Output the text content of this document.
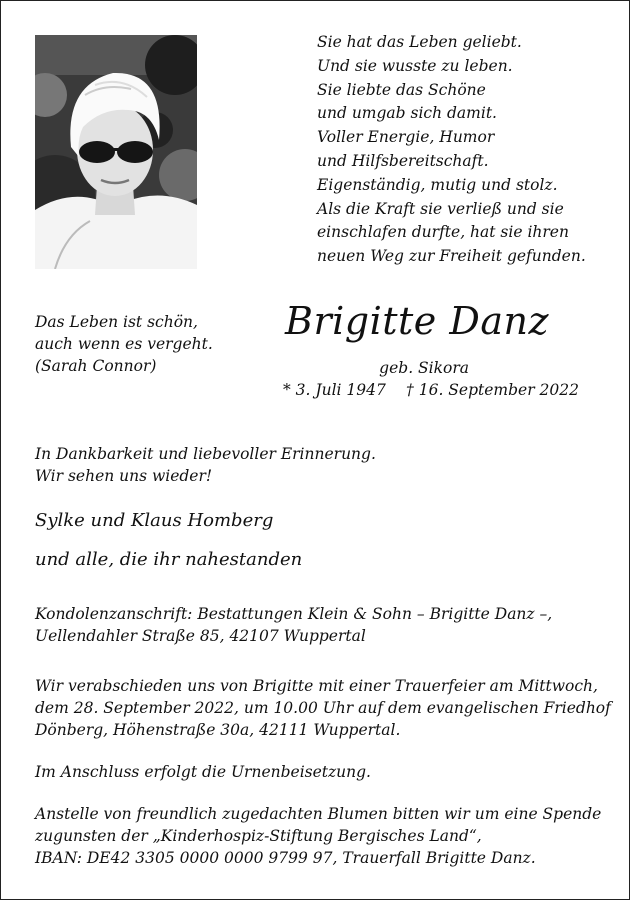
Sie hat das Leben geliebt.
Und sie wusste zu leben.
Sie liebte das Schöne
und umgab sich damit.
Voller Energie, Humor
und Hilfsbereitschaft.
Eigenständig, mutig und stolz.
Als die Kraft sie verließ und sie
einschlafen durfte, hat sie ihren
neuen Weg zur Freiheit gefunden.
Das Leben ist schön,
auch wenn es vergeht.
(Sarah Connor)
Brigitte Danz
geb. Sikora
* 3. Juli 1947 † 16. September 2022
In Dankbarkeit und liebevoller Erinnerung.
Wir sehen uns wieder!
Sylke und Klaus Homberg
und alle, die ihr nahestanden
Kondolenzanschrift: Bestattungen Klein & Sohn – Brigitte Danz –,
Uellendahler Straße 85, 42107 Wuppertal
Wir verabschieden uns von Brigitte mit einer Trauerfeier am Mittwoch,
dem 28. September 2022, um 10.00 Uhr auf dem evangelischen Friedhof
Dönberg, Höhenstraße 30a, 42111 Wuppertal.
Im Anschluss erfolgt die Urnenbeisetzung.
Anstelle von freundlich zugedachten Blumen bitten wir um eine Spende
zugunsten der „Kinderhospiz-Stiftung Bergisches Land“,
IBAN: DE42 3305 0000 0000 9799 97, Trauerfall Brigitte Danz.
